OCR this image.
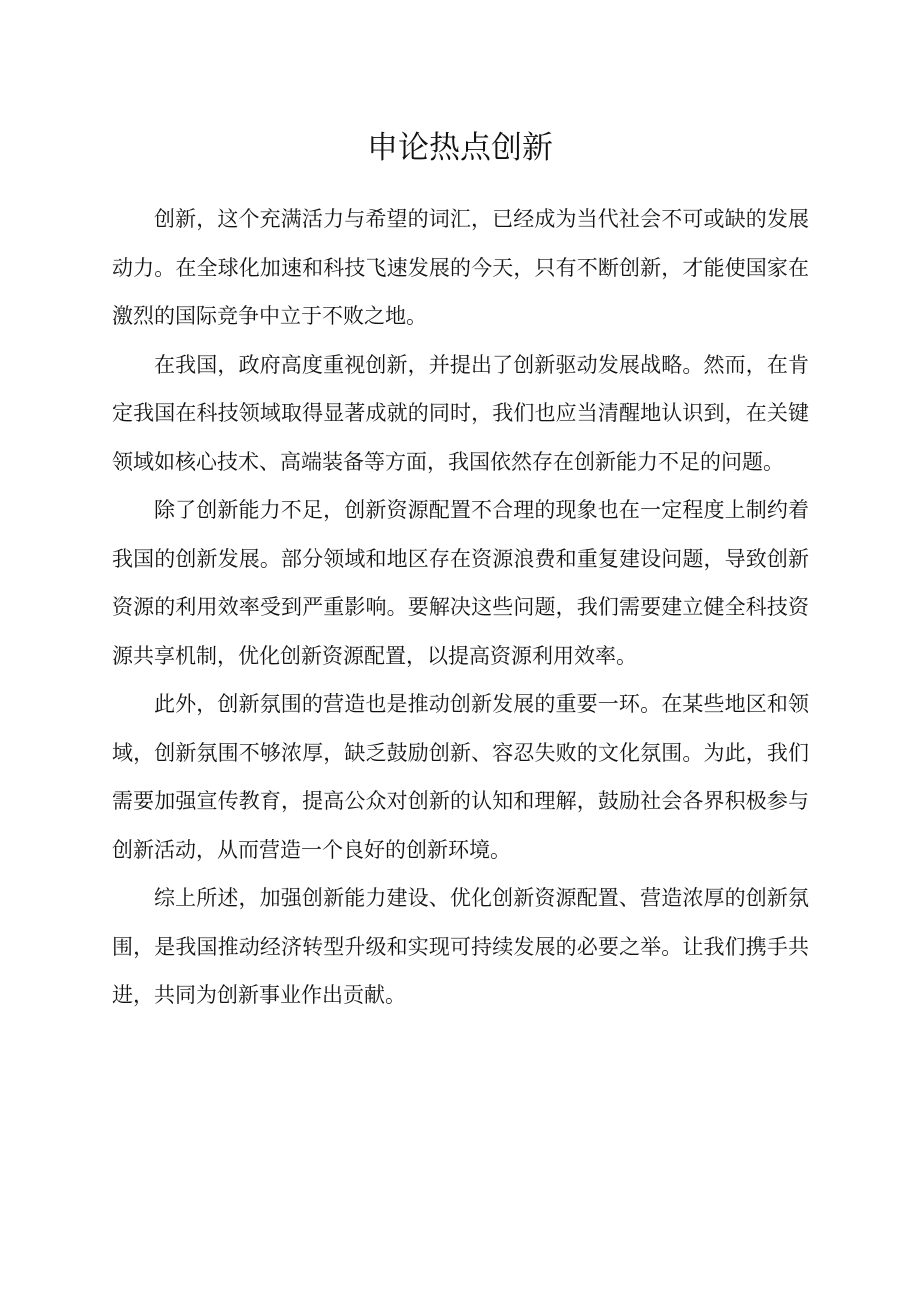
申论热点创新

创新，这个充满活力与希望的词汇，已经成为当代社会不可或缺的发展动力。在全球化加速和科技飞速发展的今天，只有不断创新，才能使国家在激烈的国际竞争中立于不败之地。

在我国，政府高度重视创新，并提出了创新驱动发展战略。然而，在肯定我国在科技领域取得显著成就的同时，我们也应当清醒地认识到，在关键领域如核心技术、高端装备等方面，我国依然存在创新能力不足的问题。

除了创新能力不足，创新资源配置不合理的现象也在一定程度上制约着我国的创新发展。部分领域和地区存在资源浪费和重复建设问题，导致创新资源的利用效率受到严重影响。要解决这些问题，我们需要建立健全科技资源共享机制，优化创新资源配置，以提高资源利用效率。

此外，创新氛围的营造也是推动创新发展的重要一环。在某些地区和领域，创新氛围不够浓厚，缺乏鼓励创新、容忍失败的文化氛围。为此，我们需要加强宣传教育，提高公众对创新的认知和理解，鼓励社会各界积极参与创新活动，从而营造一个良好的创新环境。

综上所述，加强创新能力建设、优化创新资源配置、营造浓厚的创新氛围，是我国推动经济转型升级和实现可持续发展的必要之举。让我们携手共进，共同为创新事业作出贡献。
